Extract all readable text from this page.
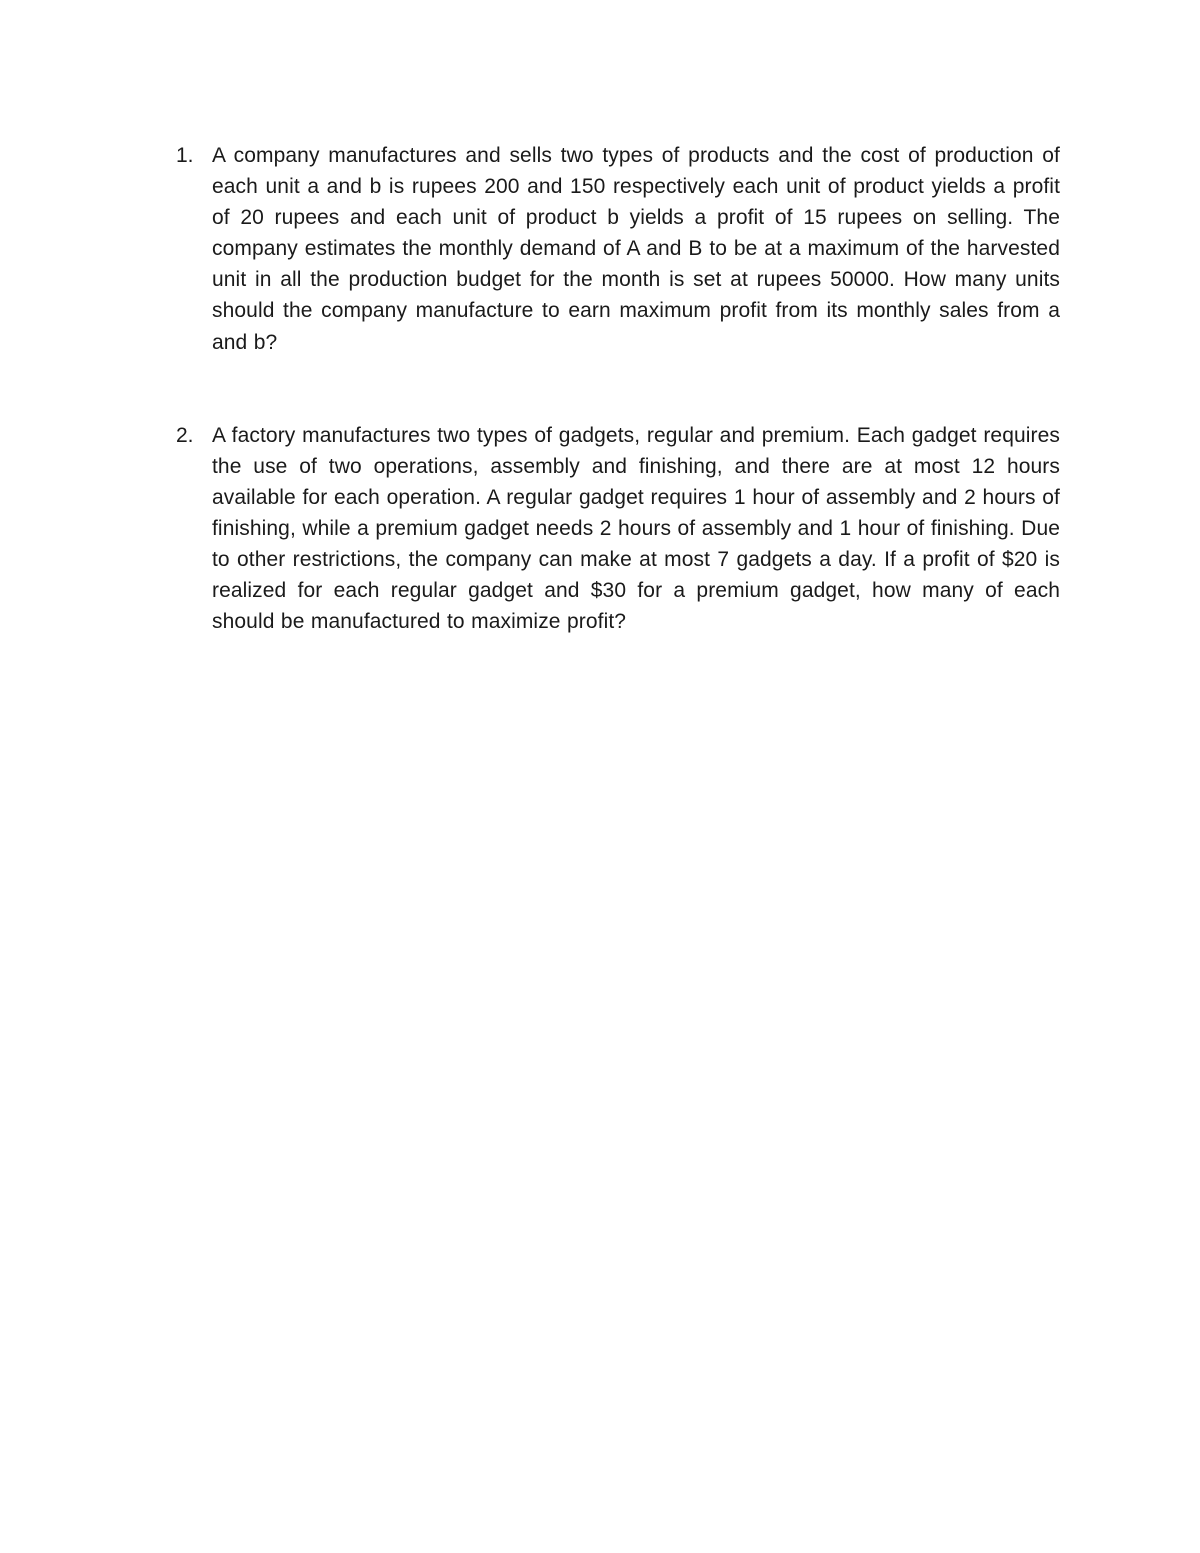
1. A company manufactures and sells two types of products and the cost of production of each unit a and b is rupees 200 and 150 respectively each unit of product yields a profit of 20 rupees and each unit of product b yields a profit of 15 rupees on selling. The company estimates the monthly demand of A and B to be at a maximum of the harvested unit in all the production budget for the month is set at rupees 50000. How many units should the company manufacture to earn maximum profit from its monthly sales from a and b?
2. A factory manufactures two types of gadgets, regular and premium. Each gadget requires the use of two operations, assembly and finishing, and there are at most 12 hours available for each operation. A regular gadget requires 1 hour of assembly and 2 hours of finishing, while a premium gadget needs 2 hours of assembly and 1 hour of finishing. Due to other restrictions, the company can make at most 7 gadgets a day. If a profit of $20 is realized for each regular gadget and $30 for a premium gadget, how many of each should be manufactured to maximize profit?
